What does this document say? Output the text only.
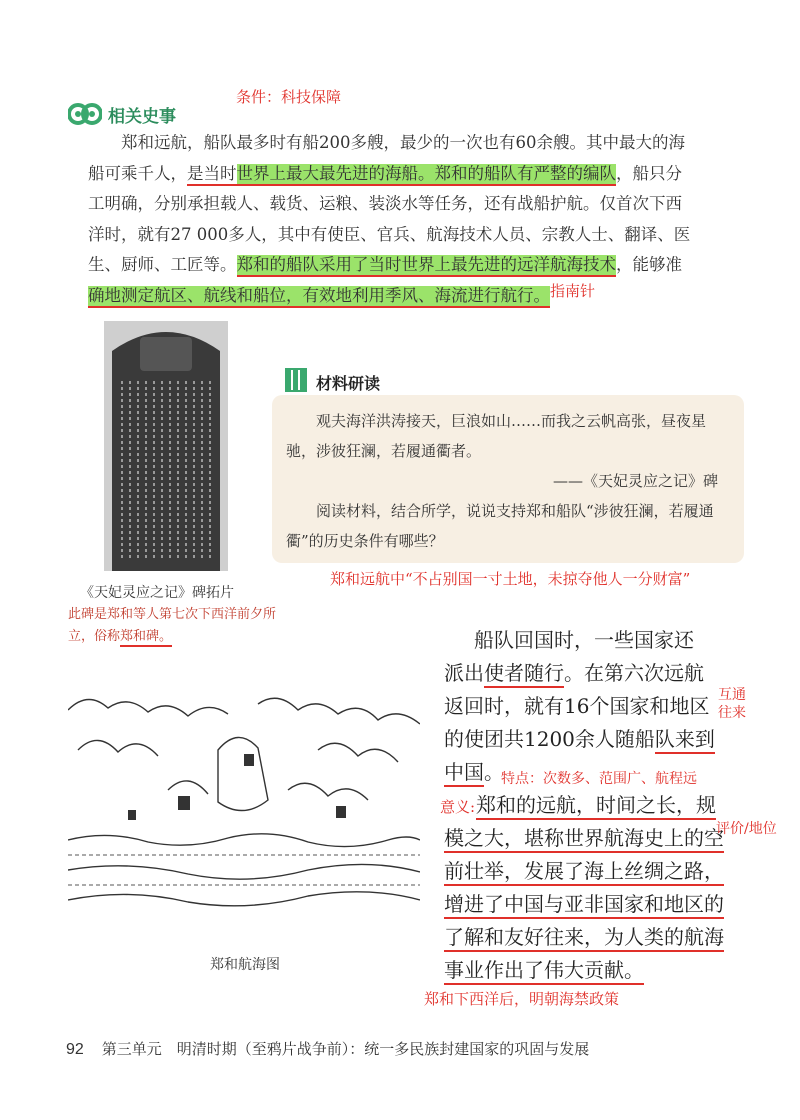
相关史事
条件：科技保障
郑和远航，船队最多时有船200多艘，最少的一次也有60余艘。其中最大的海
船可乘千人，是当时世界上最大最先进的海船。郑和的船队有严整的编队，船只分
工明确，分别承担载人、载货、运粮、装淡水等任务，还有战船护航。仅首次下西
洋时，就有27 000多人，其中有使臣、官兵、航海技术人员、宗教人士、翻译、医
生、厨师、工匠等。郑和的船队采用了当时世界上最先进的远洋航海技术，能够准
确地测定航区、航线和船位，有效地利用季风、海流进行航行。 指南针
《天妃灵应之记》碑拓片
此碑是郑和等人第七次下西洋前夕所立，俗称郑和碑。
材料研读

观夫海洋洪涛接天，巨浪如山……而我之云帆高张，昼夜星驰，涉彼狂澜，若履通衢者。

——《天妃灵应之记》碑

阅读材料，结合所学，说说支持郑和船队“涉彼狂澜，若履通衢”的历史条件有哪些？

郑和远航中“不占别国一寸土地，未掠夺他人一分财富”
郑和航海图
船队回国时，一些国家还
派出使者随行。在第六次远航
返回时，就有16个国家和地区
的使团共1200余人随船队来到
中国。
郑和的远航，时间之长，规
模之大，堪称世界航海史上的空
前壮举，发展了海上丝绸之路，
增进了中国与亚非国家和地区的
了解和友好往来，为人类的航海
事业作出了伟大贡献。
互通往来
特点：次数多、范围广、航程远
意义:
评价/地位
郑和下西洋后，明朝海禁政策
92 第三单元　明清时期（至鸦片战争前）：统一多民族封建国家的巩固与发展
